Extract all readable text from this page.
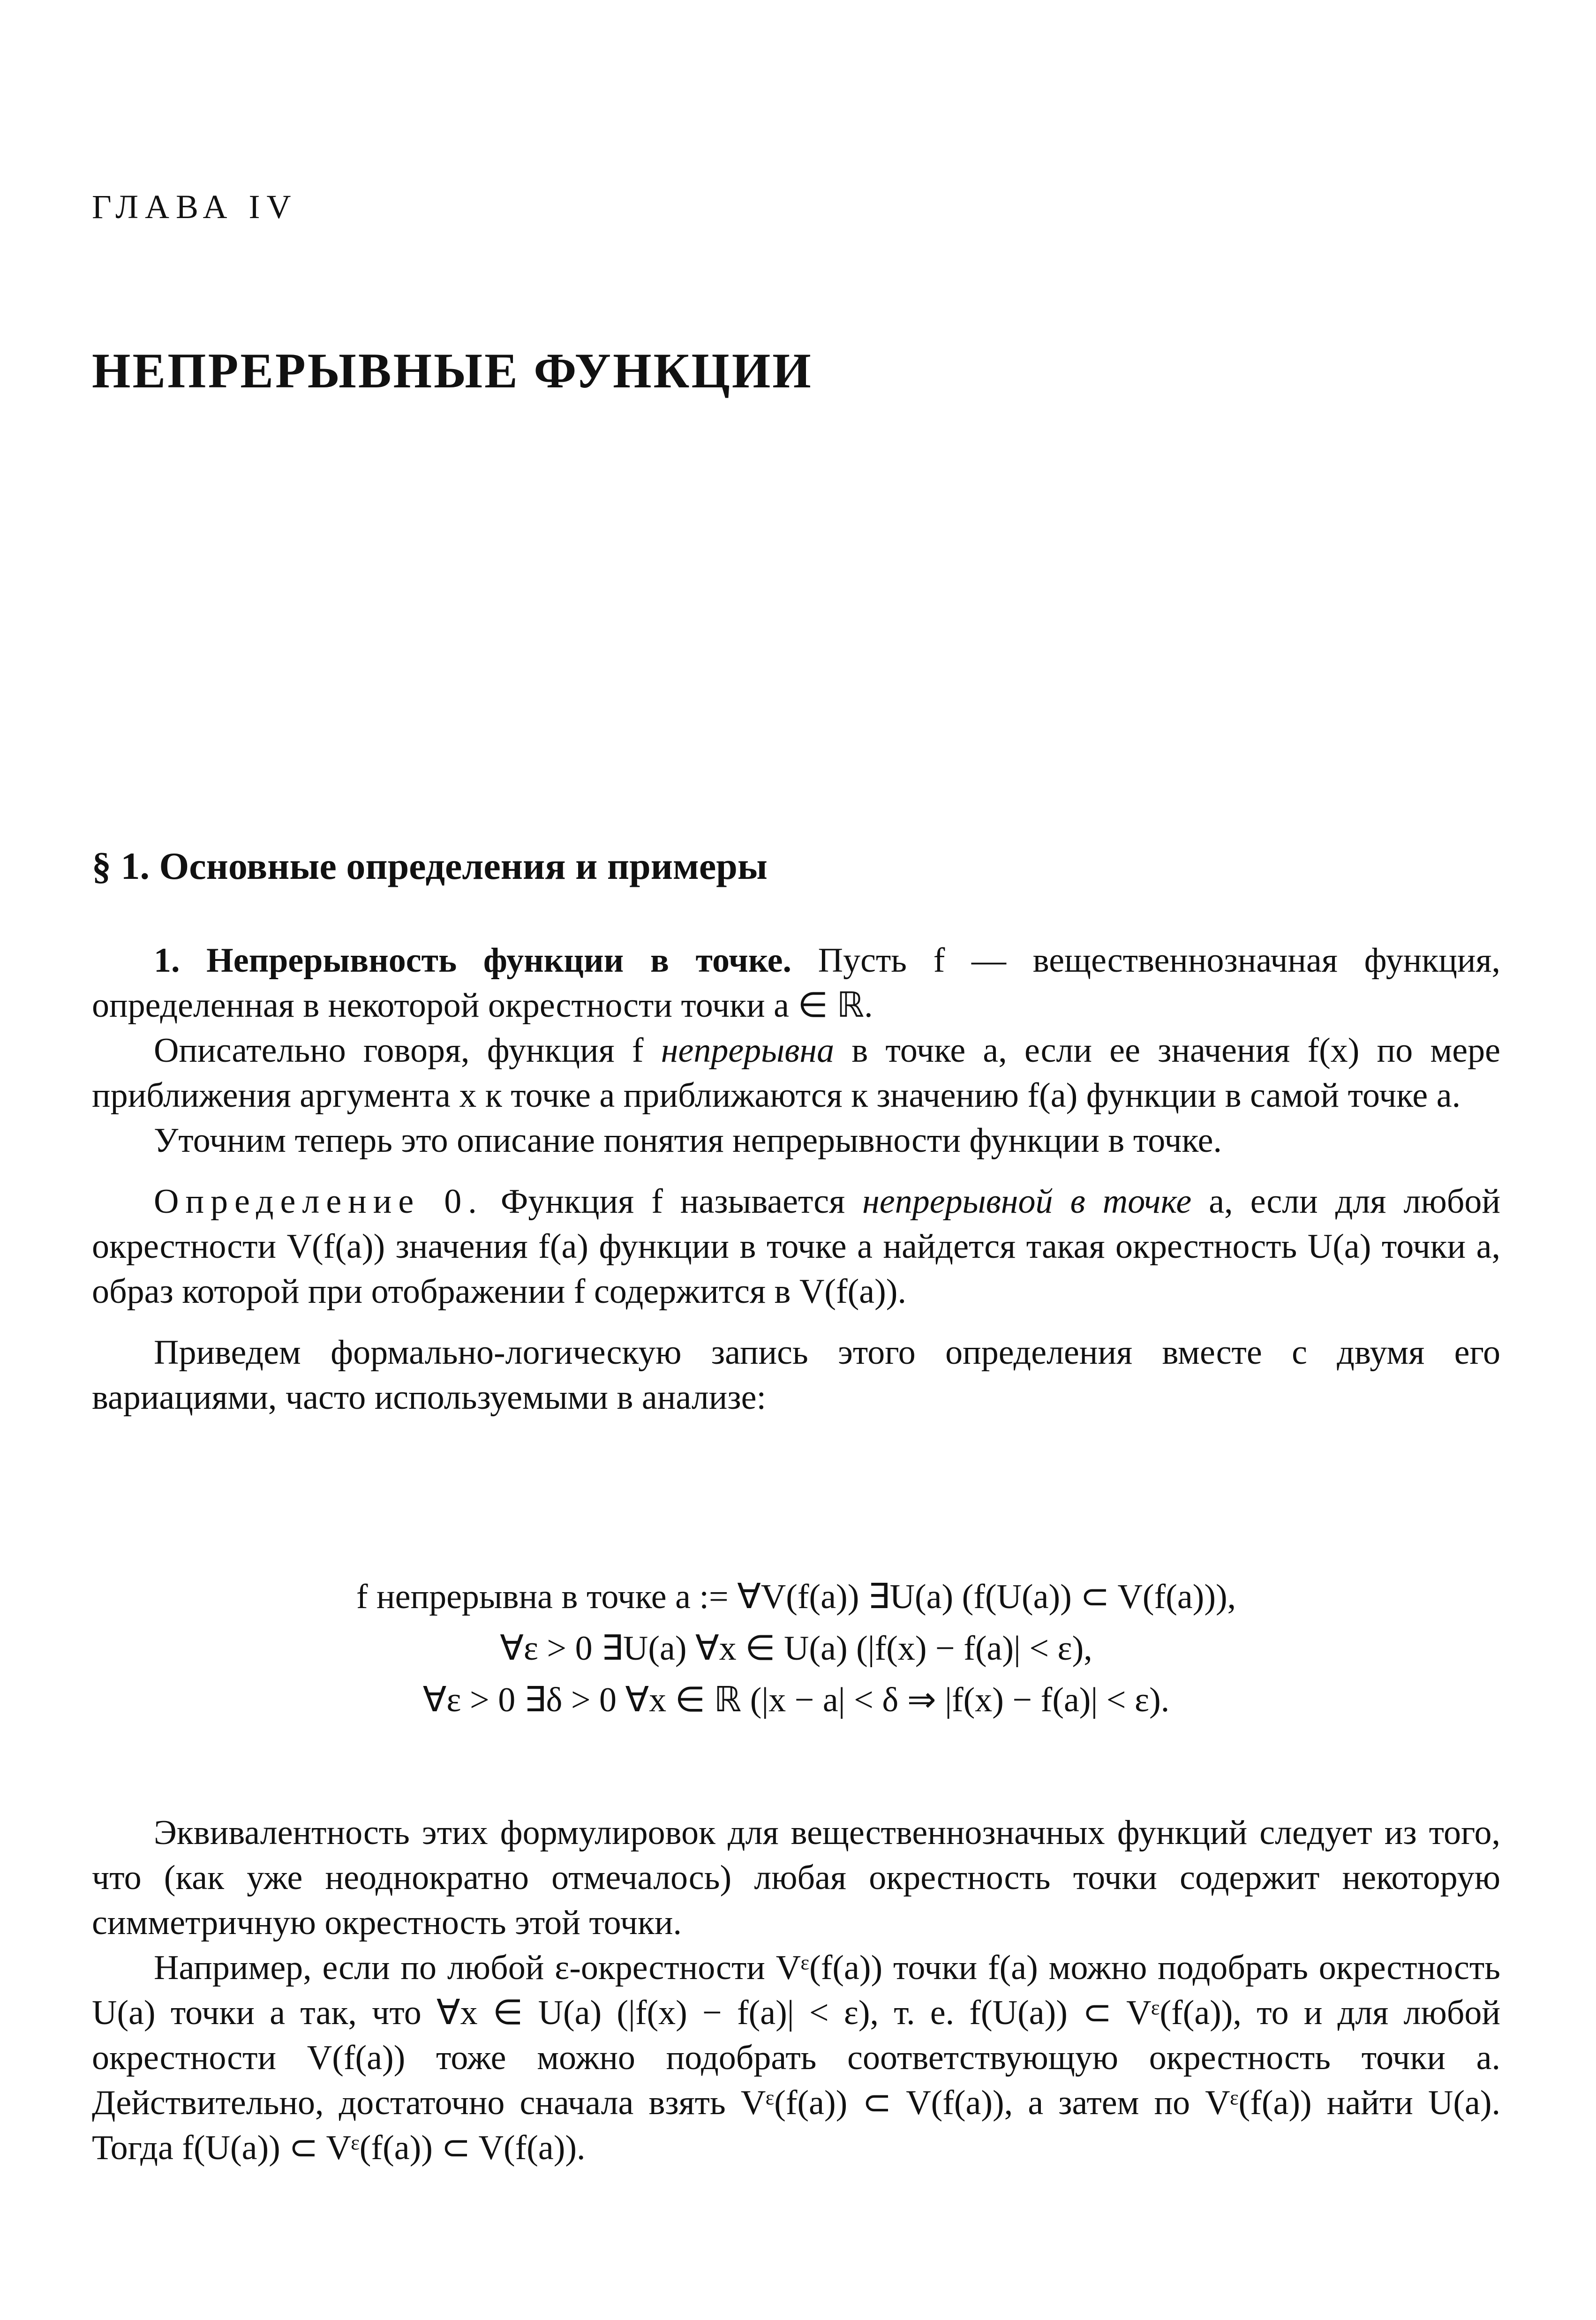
ГЛАВА IV
НЕПРЕРЫВНЫЕ ФУНКЦИИ
§ 1. Основные определения и примеры

1. Непрерывность функции в точке. Пусть f — вещественнозначная функция, определенная в некоторой окрестности точки a ∈ ℝ.

Описательно говоря, функция f непрерывна в точке a, если ее значения f(x) по мере приближения аргумента x к точке a приближаются к значению f(a) функции в самой точке a.

Уточним теперь это описание понятия непрерывности функции в точке.

Определение 0. Функция f называется непрерывной в точке a, если для любой окрестности V(f(a)) значения f(a) функции в точке a найдется такая окрестность U(a) точки a, образ которой при отображении f содержится в V(f(a)).

Приведем формально-логическую запись этого определения вместе с двумя его вариациями, часто используемыми в анализе:

f непрерывна в точке a := ∀V(f(a)) ∃U(a) (f(U(a)) ⊂ V(f(a))),
∀ε > 0 ∃U(a) ∀x ∈ U(a) (|f(x) − f(a)| < ε),
∀ε > 0 ∃δ > 0 ∀x ∈ ℝ (|x − a| < δ ⇒ |f(x) − f(a)| < ε).

Эквивалентность этих формулировок для вещественнозначных функций следует из того, что (как уже неоднократно отмечалось) любая окрестность точки содержит некоторую симметричную окрестность этой точки.

Например, если по любой ε-окрестности Vᵋ(f(a)) точки f(a) можно подобрать окрестность U(a) точки a так, что ∀x ∈ U(a) (|f(x) − f(a)| < ε), т. е. f(U(a)) ⊂ Vᵋ(f(a)), то и для любой окрестности V(f(a)) тоже можно подобрать соответствующую окрестность точки a. Действительно, достаточно сначала взять Vᵋ(f(a)) ⊂ V(f(a)), а затем по Vᵋ(f(a)) найти U(a). Тогда f(U(a)) ⊂ Vᵋ(f(a)) ⊂ V(f(a)).
